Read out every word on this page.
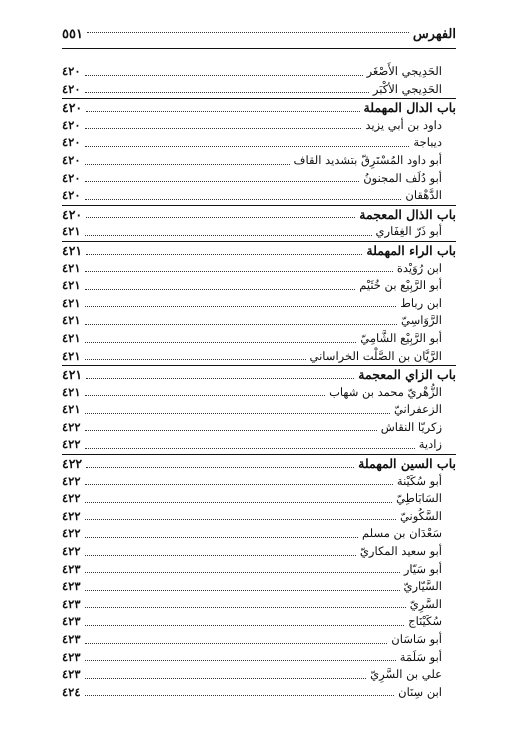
الفهرس
٥٥١
الحَدِيجي الأَصْغَر
٤٢٠
الحَدِيجي الأكْبَر
٤٢٠
باب الدال المهملة
٤٢٠
داود بن أبي يزيد
٤٢٠
ديباجة
٤٢٠
أبو داود المُسْتَرِقّ بتشديد القاف
٤٢٠
أبو دُلَف المجنونُ
٤٢٠
الدَّهْقان
٤٢٠
باب الذال المعجمة
٤٢٠
أبو ذَرّ الغِفَاري
٤٢١
باب الراء المهملة
٤٢١
ابن رُوَيْدة
٤٢١
أبو الرَّبِيْع بن خُثَيْم
٤٢١
ابن رباط
٤٢١
الرَّوَاسِيّ
٤٢١
أبو الرَّبِيْع الشَّامِيّ
٤٢١
الرَّيَّان بن الصَّلْت الخراساني
٤٢١
باب الزاي المعجمة
٤٢١
الزُّهْريّ محمد بن شهاب
٤٢١
الزعفرانيّ
٤٢١
زكريّا النقاش
٤٢٢
زادية
٤٢٢
باب السين المهملة
٤٢٢
أبو سُكَيْنة
٤٢٢
السَابَاطِيّ
٤٢٢
السَّكُونيّ
٤٢٢
سَعْدَان بن مسلم
٤٢٢
أبو سعيد المكاريّ
٤٢٢
أبو سَيّار
٤٢٣
السَّيّاريّ
٤٢٣
السَّرِيّ
٤٢٣
سُكَيْنَاج
٤٢٣
أبو سَاسَان
٤٢٣
أبو سَلَمَة
٤٢٣
علي بن السَّرِيّ
٤٢٣
ابن سِنَان
٤٢٤
